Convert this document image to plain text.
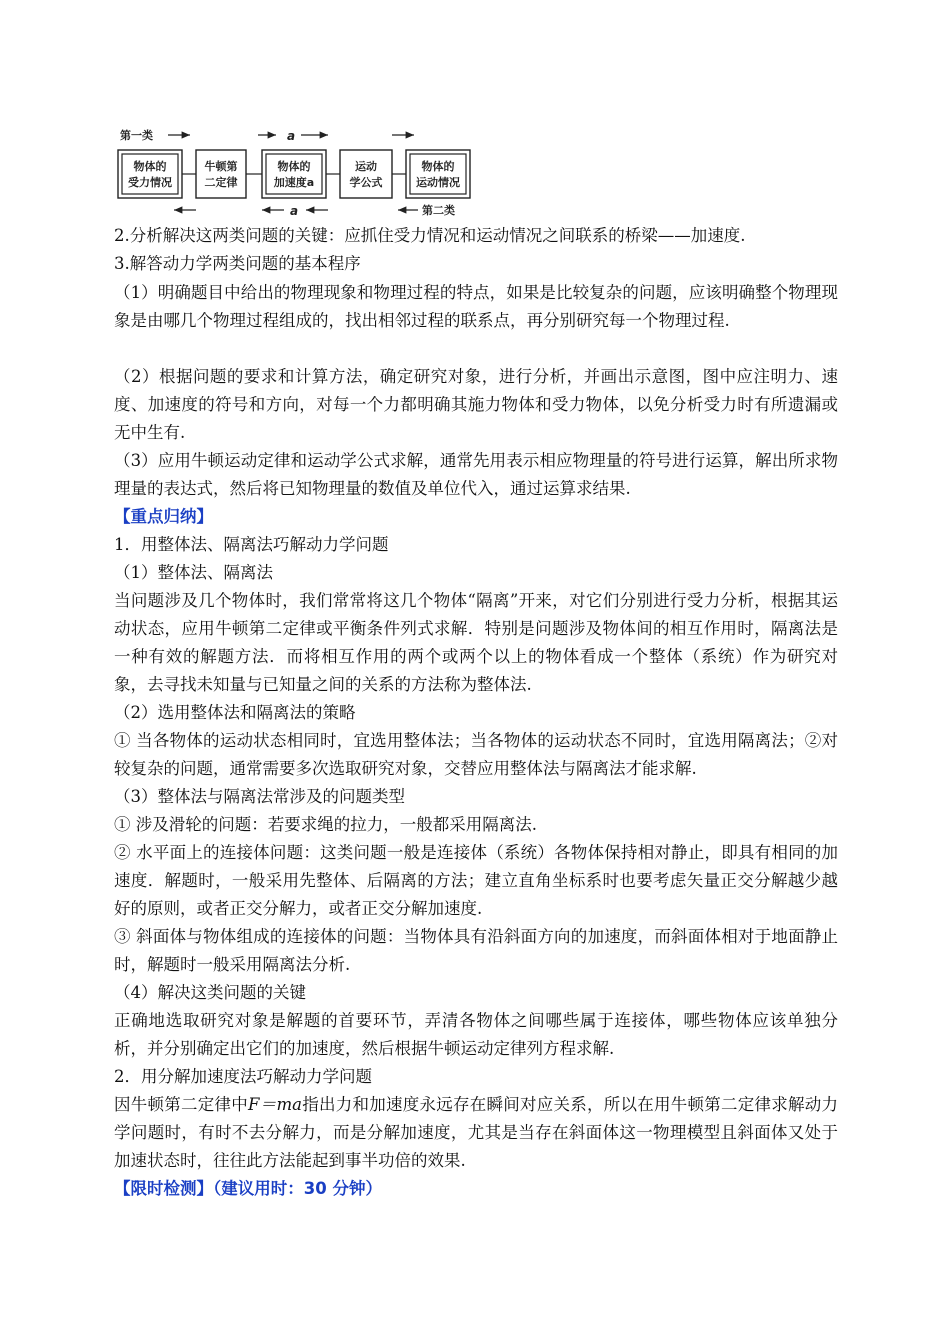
第一类	a
物体的
受力情况
牛顿第
二定律
物体的
加速度a
运动
学公式
物体的
运动情况
a	第二类

2.分析解决这两类问题的关键：应抓住受力情况和运动情况之间联系的桥梁——加速度.

3.解答动力学两类问题的基本程序

（1）明确题目中给出的物理现象和物理过程的特点，如果是比较复杂的问题，应该明确整个物理现象是由哪几个物理过程组成的，找出相邻过程的联系点，再分别研究每一个物理过程.

（2）根据问题的要求和计算方法，确定研究对象，进行分析，并画出示意图，图中应注明力、速度、加速度的符号和方向，对每一个力都明确其施力物体和受力物体，以免分析受力时有所遗漏或无中生有.

（3）应用牛顿运动定律和运动学公式求解，通常先用表示相应物理量的符号进行运算，解出所求物理量的表达式，然后将已知物理量的数值及单位代入，通过运算求结果.

【重点归纳】

1．用整体法、隔离法巧解动力学问题

（1）整体法、隔离法

当问题涉及几个物体时，我们常常将这几个物体“隔离”开来，对它们分别进行受力分析，根据其运动状态，应用牛顿第二定律或平衡条件列式求解．特别是问题涉及物体间的相互作用时，隔离法是一种有效的解题方法．而将相互作用的两个或两个以上的物体看成一个整体（系统）作为研究对象，去寻找未知量与已知量之间的关系的方法称为整体法.

（2）选用整体法和隔离法的策略

① 当各物体的运动状态相同时，宜选用整体法；当各物体的运动状态不同时，宜选用隔离法；②对较复杂的问题，通常需要多次选取研究对象，交替应用整体法与隔离法才能求解.

（3）整体法与隔离法常涉及的问题类型

① 涉及滑轮的问题：若要求绳的拉力，一般都采用隔离法.

② 水平面上的连接体问题：这类问题一般是连接体（系统）各物体保持相对静止，即具有相同的加速度．解题时，一般采用先整体、后隔离的方法；建立直角坐标系时也要考虑矢量正交分解越少越好的原则，或者正交分解力，或者正交分解加速度.

③ 斜面体与物体组成的连接体的问题：当物体具有沿斜面方向的加速度，而斜面体相对于地面静止时，解题时一般采用隔离法分析.

（4）解决这类问题的关键

正确地选取研究对象是解题的首要环节，弄清各物体之间哪些属于连接体，哪些物体应该单独分析，并分别确定出它们的加速度，然后根据牛顿运动定律列方程求解.

2．用分解加速度法巧解动力学问题

因牛顿第二定律中F＝ma指出力和加速度永远存在瞬间对应关系，所以在用牛顿第二定律求解动力学问题时，有时不去分解力，而是分解加速度，尤其是当存在斜面体这一物理模型且斜面体又处于加速状态时，往往此方法能起到事半功倍的效果.

【限时检测】（建议用时：30 分钟）
